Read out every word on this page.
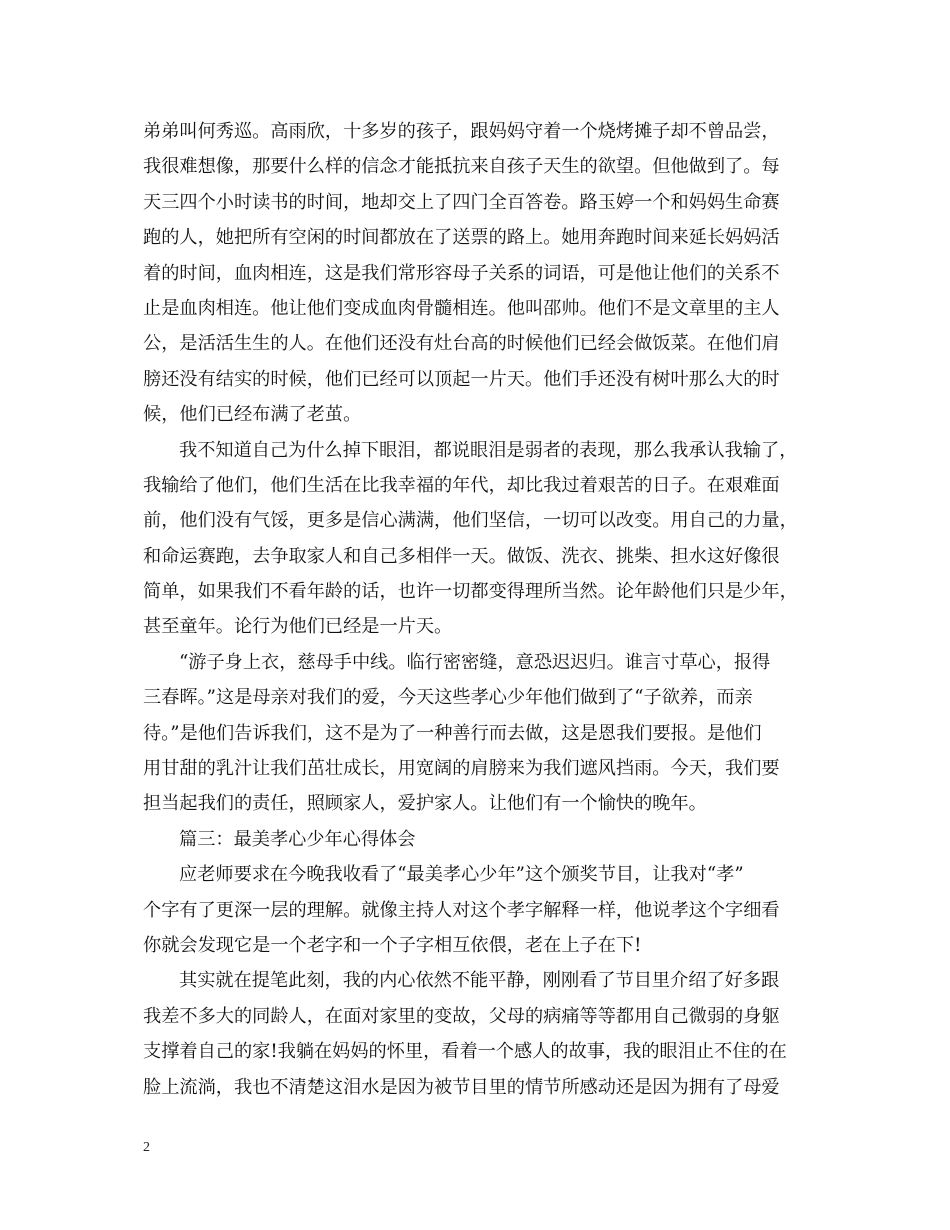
弟弟叫何秀巡。高雨欣，十多岁的孩子，跟妈妈守着一个烧烤摊子却不曾品尝，
我很难想像，那要什么样的信念才能抵抗来自孩子天生的欲望。但他做到了。每
天三四个小时读书的时间，地却交上了四门全百答卷。路玉婷一个和妈妈生命赛
跑的人，她把所有空闲的时间都放在了送票的路上。她用奔跑时间来延长妈妈活
着的时间，血肉相连，这是我们常形容母子关系的词语，可是他让他们的关系不
止是血肉相连。他让他们变成血肉骨髓相连。他叫邵帅。他们不是文章里的主人
公，是活活生生的人。在他们还没有灶台高的时候他们已经会做饭菜。在他们肩
膀还没有结实的时候，他们已经可以顶起一片天。他们手还没有树叶那么大的时
候，他们已经布满了老茧。
我不知道自己为什么掉下眼泪，都说眼泪是弱者的表现，那么我承认我输了，
我输给了他们，他们生活在比我幸福的年代，却比我过着艰苦的日子。在艰难面
前，他们没有气馁，更多是信心满满，他们坚信，一切可以改变。用自己的力量，
和命运赛跑，去争取家人和自己多相伴一天。做饭、洗衣、挑柴、担水这好像很
简单，如果我们不看年龄的话，也许一切都变得理所当然。论年龄他们只是少年，
甚至童年。论行为他们已经是一片天。
“游子身上衣，慈母手中线。临行密密缝，意恐迟迟归。谁言寸草心，报得
三春晖。”这是母亲对我们的爱，今天这些孝心少年他们做到了“子欲养，而亲
待。”是他们告诉我们，这不是为了一种善行而去做，这是恩我们要报。是他们
用甘甜的乳汁让我们茁壮成长，用宽阔的肩膀来为我们遮风挡雨。今天，我们要
担当起我们的责任，照顾家人，爱护家人。让他们有一个愉快的晚年。
篇三：最美孝心少年心得体会
应老师要求在今晚我收看了“最美孝心少年”这个颁奖节目，让我对“孝”
个字有了更深一层的理解。就像主持人对这个孝字解释一样，他说孝这个字细看
你就会发现它是一个老字和一个子字相互依偎，老在上子在下!
其实就在提笔此刻，我的内心依然不能平静，刚刚看了节目里介绍了好多跟
我差不多大的同龄人，在面对家里的变故，父母的病痛等等都用自己微弱的身躯
支撑着自己的家!我躺在妈妈的怀里，看着一个感人的故事，我的眼泪止不住的在
脸上流淌，我也不清楚这泪水是因为被节目里的情节所感动还是因为拥有了母爱
2
